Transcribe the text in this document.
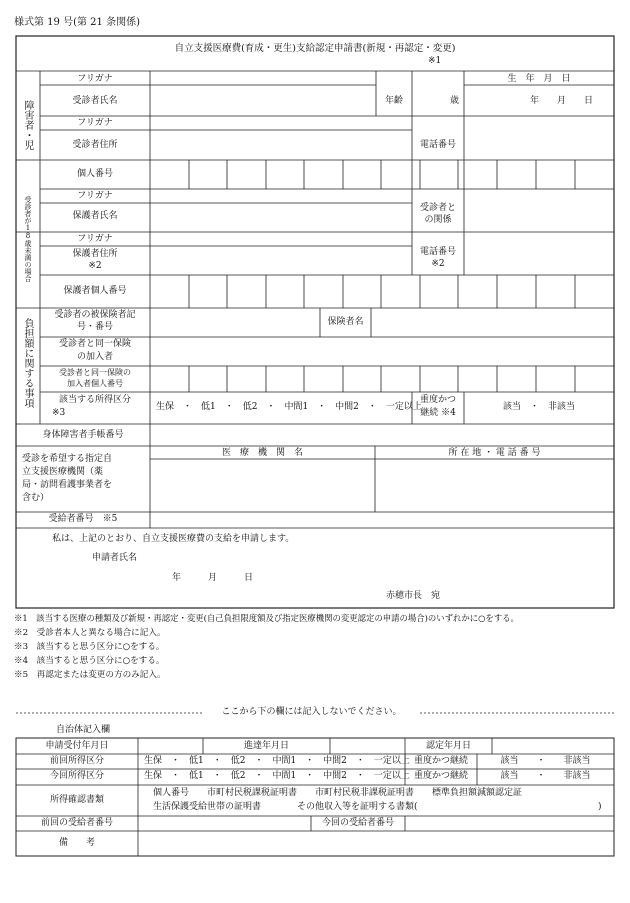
様式第 19 号(第 21 条関係)
自立支援医療費(育成・更生)支給認定申請書(新規・再認定・変更)
※1
障害者・児
フリガナ
受診者氏名	年齢	歳
生　年　月　日
年　　月　　日
フリガナ
受診者住所	電話番号
個人番号
受診者が18歳未満の場合	フリガナ
保護者氏名
受診者と
の関係
フリガナ
保護者住所
※2
電話番号
※2
保護者個人番号
負担額に関する事項
受診者の被保険者記
号・番号	保険者名
受診者と同一保険
の加入者
受診者と同一保険の
加入者個人番号
該当する所得区分
※3
生保　・　低1　・　低2　・　中間1　・　中間2　・　一定以上
重度かつ
継続 ※4
該当　・　非該当
身体障害者手帳番号
受診を希望する指定自
立支援医療機関（薬
局・訪問看護事業者を
含む）
医　療　機　関　名	所 在 地 ・ 電 話 番 号
受給者番号　※5
私は、上記のとおり、自立支援医療費の支給を申請します。
申請者氏名
年　　　月　　　日
赤穂市長　宛
※1　該当する医療の種類及び新規・再認定・変更(自己負担限度額及び指定医療機関の変更認定の申請の場合)のいずれかに○をする。
※2　受診者本人と異なる場合に記入。
※3　該当すると思う区分に○をする。
※4　該当すると思う区分に○をする。
※5　再認定または変更の方のみ記入。
ここから下の欄には記入しないでください。
自治体記入欄
申請受付年月日	進達年月日	認定年月日
前回所得区分	生保　・　低1　・　低2　・　中間1　・　中間2　・　一定以上 重度かつ継続	該当　　・　　非該当
今回所得区分	生保　・　低1　・　低2　・　中間1　・　中間2　・　一定以上 重度かつ継続	該当　　・　　非該当
所得確認書類
個人番号　　市町村民税課税証明書　　市町村民税非課税証明書　　標準負担額減額認定証
生活保護受給世帯の証明書　　　　その他収入等を証明する書類(	)
前回の受給者番号	今回の受給者番号
備　　考
